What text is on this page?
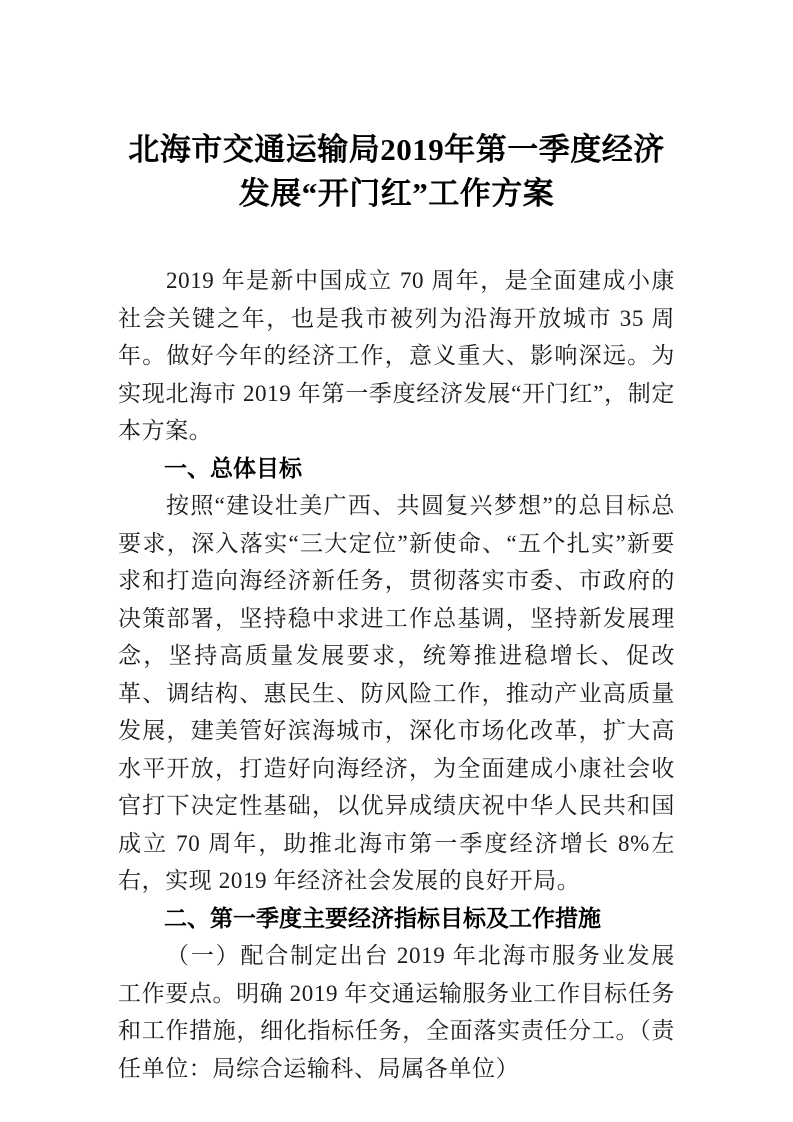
北海市交通运输局2019年第一季度经济发展“开门红”工作方案

2019 年是新中国成立 70 周年，是全面建成小康社会关键之年，也是我市被列为沿海开放城市 35 周年。做好今年的经济工作，意义重大、影响深远。为实现北海市 2019 年第一季度经济发展“开门红”，制定本方案。

一、总体目标

按照“建设壮美广西、共圆复兴梦想”的总目标总要求，深入落实“三大定位”新使命、“五个扎实”新要求和打造向海经济新任务，贯彻落实市委、市政府的决策部署，坚持稳中求进工作总基调，坚持新发展理念，坚持高质量发展要求，统筹推进稳增长、促改革、调结构、惠民生、防风险工作，推动产业高质量发展，建美管好滨海城市，深化市场化改革，扩大高水平开放，打造好向海经济，为全面建成小康社会收官打下决定性基础，以优异成绩庆祝中华人民共和国成立 70 周年，助推北海市第一季度经济增长 8%左右，实现 2019 年经济社会发展的良好开局。

二、第一季度主要经济指标目标及工作措施

（一）配合制定出台 2019 年北海市服务业发展工作要点。明确 2019 年交通运输服务业工作目标任务和工作措施，细化指标任务，全面落实责任分工。（责任单位：局综合运输科、局属各单位）
